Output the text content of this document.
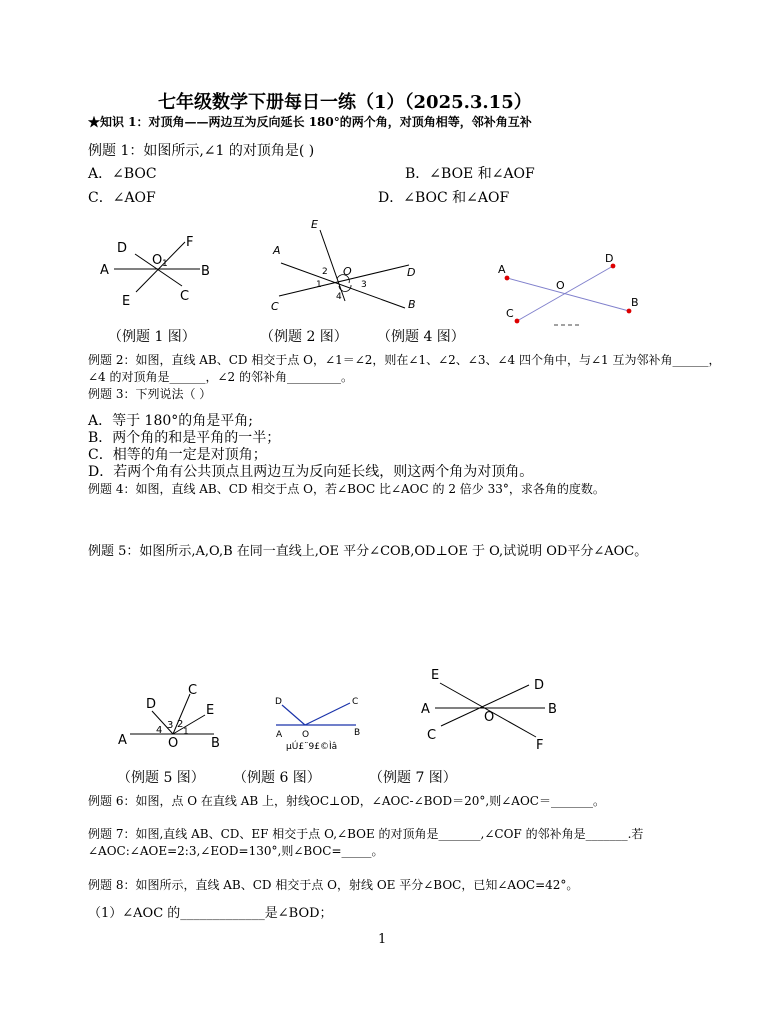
七年级数学下册每日一练（1）（2025.3.15）
★知识 1：对顶角——两边互为反向延长 180°的两个角，对顶角相等，邻补角互补
例题 1：如图所示,∠1 的对顶角是( )
A．∠BOC	B．∠BOE 和∠AOF
C．∠AOF	D．∠BOC 和∠AOF
A	B
C
D
E
F
O 1
A
B
C
D
E
O
1
2
3
4
A
B
C
D
O
（例题 1 图）	（例题 2 图） （例题 4 图）
例题 2：如图，直线 AB、CD 相交于点 O，∠1＝∠2，则在∠1、∠2、∠3、∠4 四个角中，与∠1 互为邻补角______，
∠4 的对顶角是______，∠2 的邻补角_________。
例题 3：下列说法（ ）
A．等于 180°的角是平角;
B．两个角的和是平角的一半；
C．相等的角一定是对顶角；
D．若两个角有公共顶点且两边互为反向延长线，则这两个角为对顶角。
例题 4：如图，直线 AB、CD 相交于点 O，若∠BOC 比∠AOC 的 2 倍少 33°，求各角的度数。
例题 5：如图所示,A,O,B 在同一直线上,OE 平分∠COB,OD⊥OE 于 O,试说明 OD平分∠AOC。
A	B
C
D	E
O
1
2
3
4	A	B
C
D
O
µÚ£¨9£©Ìâ
A	B
C
D
E
F
O
（例题 5 图） （例题 6 图）	（例题 7 图）
例题 6：如图，点 O 在直线 AB 上，射线OC⊥OD，∠AOC-∠BOD＝20°,则∠AOC＝_______。
例题 7：如图,直线 AB、CD、EF 相交于点 O,∠BOE 的对顶角是_______,∠COF 的邻补角是_______.若
∠AOC:∠AOE=2:3,∠EOD=130°,则∠BOC=_____。
例题 8：如图所示，直线 AB、CD 相交于点 O，射线 OE 平分∠BOC，已知∠AOC=42°。
（1）∠AOC 的_____________是∠BOD；
1
